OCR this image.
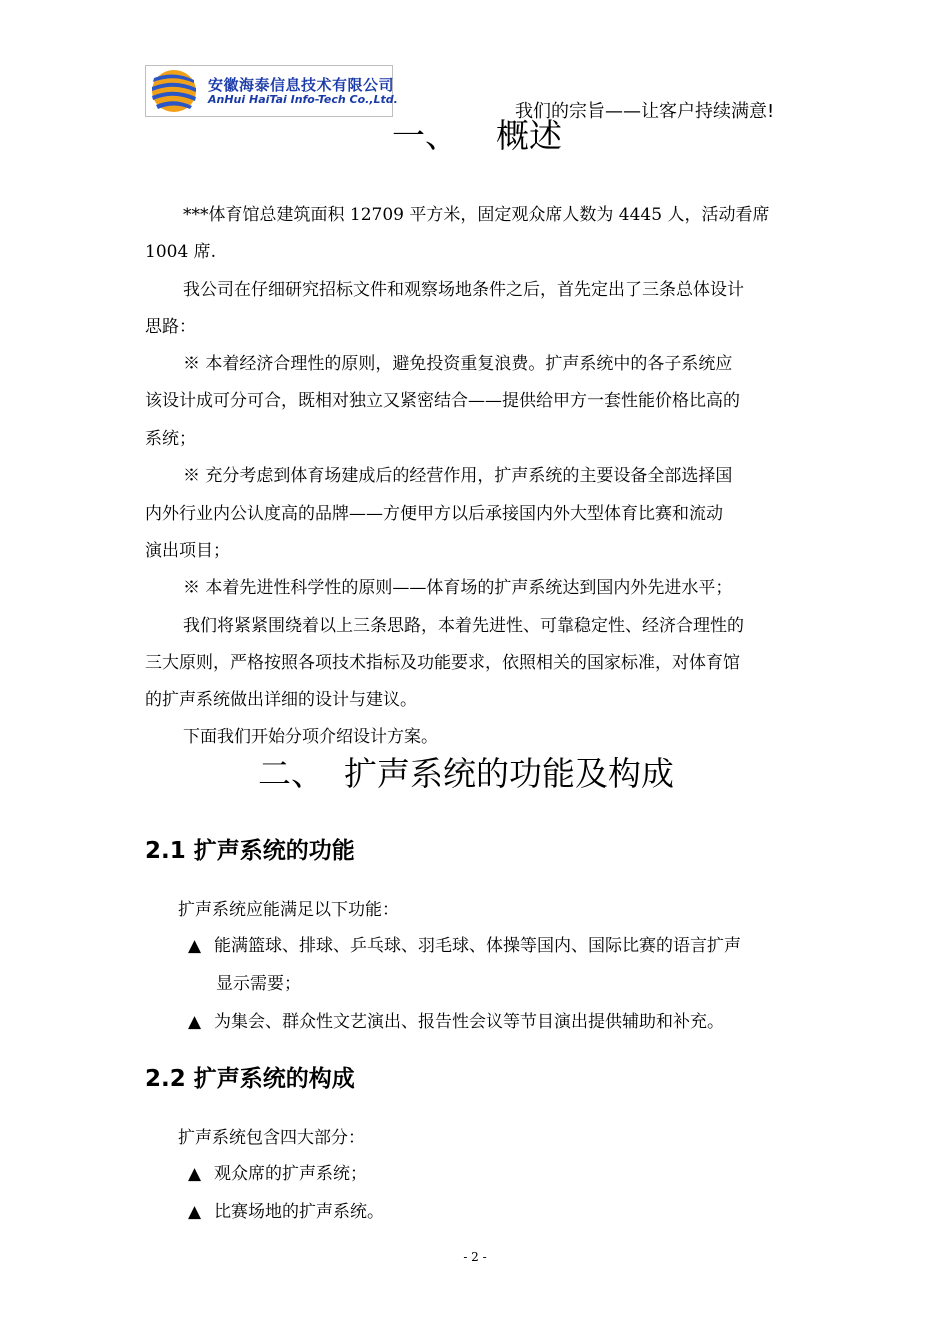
安徽海泰信息技术有限公司
AnHui HaiTai Info-Tech Co.,Ltd.
我们的宗旨——让客户持续满意!
一、 概述
***体育馆总建筑面积 12709 平方米，固定观众席人数为 4445 人，活动看席
1004 席.
我公司在仔细研究招标文件和观察场地条件之后，首先定出了三条总体设计
思路：
※ 本着经济合理性的原则，避免投资重复浪费。扩声系统中的各子系统应
该设计成可分可合，既相对独立又紧密结合——提供给甲方一套性能价格比高的
系统；
※ 充分考虑到体育场建成后的经营作用，扩声系统的主要设备全部选择国
内外行业内公认度高的品牌——方便甲方以后承接国内外大型体育比赛和流动
演出项目；
※ 本着先进性科学性的原则——体育场的扩声系统达到国内外先进水平；
我们将紧紧围绕着以上三条思路，本着先进性、可靠稳定性、经济合理性的
三大原则，严格按照各项技术指标及功能要求，依照相关的国家标准，对体育馆
的扩声系统做出详细的设计与建议。
下面我们开始分项介绍设计方案。
二、 扩声系统的功能及构成
2.1 扩声系统的功能
扩声系统应能满足以下功能：
▲ 能满篮球、排球、乒乓球、羽毛球、体操等国内、国际比赛的语言扩声
显示需要；
▲ 为集会、群众性文艺演出、报告性会议等节目演出提供辅助和补充。
2.2 扩声系统的构成
扩声系统包含四大部分：
▲ 观众席的扩声系统；
▲ 比赛场地的扩声系统。
- 2 -
